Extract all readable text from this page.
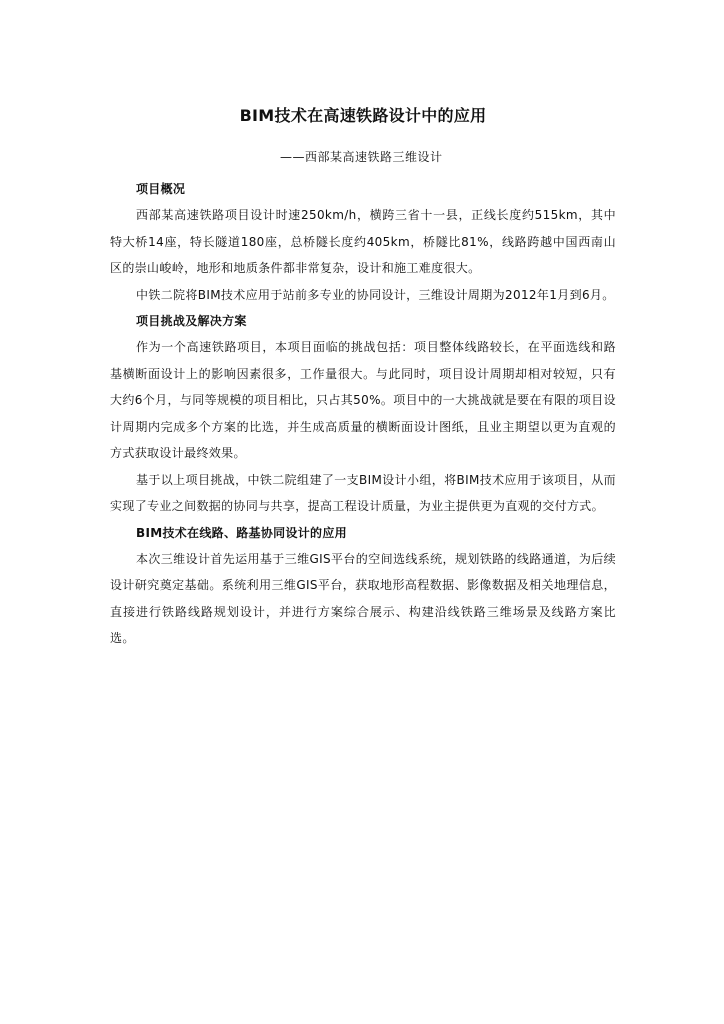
BIM技术在高速铁路设计中的应用

——西部某高速铁路三维设计

项目概况

西部某高速铁路项目设计时速250km/h，横跨三省十一县，正线长度约515km，其中特大桥14座，特长隧道180座，总桥隧长度约405km，桥隧比81%，线路跨越中国西南山区的崇山峻岭，地形和地质条件都非常复杂，设计和施工难度很大。

中铁二院将BIM技术应用于站前多专业的协同设计，三维设计周期为2012年1月到6月。

项目挑战及解决方案

作为一个高速铁路项目，本项目面临的挑战包括：项目整体线路较长，在平面选线和路基横断面设计上的影响因素很多，工作量很大。与此同时，项目设计周期却相对较短，只有大约6个月，与同等规模的项目相比，只占其50%。项目中的一大挑战就是要在有限的项目设计周期内完成多个方案的比选，并生成高质量的横断面设计图纸，且业主期望以更为直观的方式获取设计最终效果。

基于以上项目挑战，中铁二院组建了一支BIM设计小组，将BIM技术应用于该项目，从而实现了专业之间数据的协同与共享，提高工程设计质量，为业主提供更为直观的交付方式。

BIM技术在线路、路基协同设计的应用

本次三维设计首先运用基于三维GIS平台的空间选线系统，规划铁路的线路通道，为后续设计研究奠定基础。系统利用三维GIS平台，获取地形高程数据、影像数据及相关地理信息，直接进行铁路线路规划设计，并进行方案综合展示、构建沿线铁路三维场景及线路方案比选。
